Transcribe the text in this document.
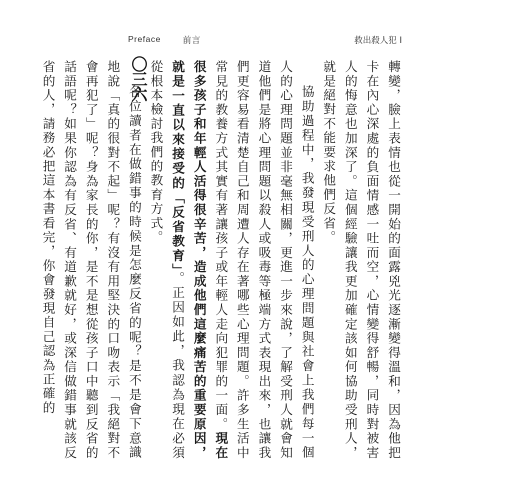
Preface	前言	救出殺人犯 I
〇三六	轉變，臉上表情也從一開始的面露兇光逐漸變得溫和，因為他把卡在內心深處的負面情感一吐而空，心情變得舒暢，同時對被害人的悔意也加深了。這個經驗讓我更加確定該如何協助受刑人，就是絕對不能要求他們反省。

協助過程中，我發現受刑人的心理問題與社會上我們每一個人的心理問題並非毫無相關，更進一步來說，了解受刑人就會知道他們是將心理問題以殺人或吸毒等極端方式表現出來，也讓我們更容易看清楚自己和周遭人存在著哪些心理問題。許多生活中常見的教養方式其實有著讓孩子或年輕人走向犯罪的一面。現在很多孩子和年輕人活得很辛苦，造成他們這麼痛苦的重要原因，就是一直以來接受的「反省教育」。正因如此，我認為現在必須從根本檢討我們的教育方式。

各位讀者在做錯事的時候是怎麼反省的呢？是不是會下意識地說「真的很對不起」呢？有沒有用堅決的口吻表示「我絕對不會再犯了」呢？身為家長的你，是不是想從孩子口中聽到反省的話語呢？如果你認為有反省、有道歉就好，或深信做錯事就該反省的人，請務必把這本書看完，你會發現自己認為正確的
